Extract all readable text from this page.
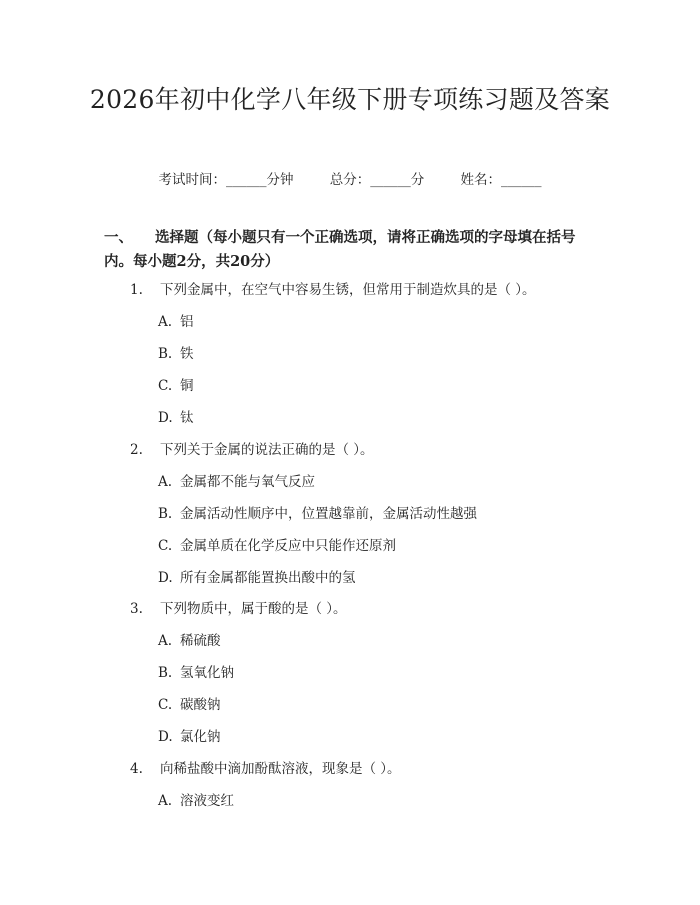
2026年初中化学八年级下册专项练习题及答案
考试时间：______分钟	总分：______分	姓名：______
一、 选择题（每小题只有一个正确选项，请将正确选项的字母填在括号内。每小题2分，共20分）
1. 下列金属中，在空气中容易生锈，但常用于制造炊具的是（ ）。
A. 铝
B. 铁
C. 铜
D. 钛
2. 下列关于金属的说法正确的是（ ）。
A. 金属都不能与氧气反应
B. 金属活动性顺序中，位置越靠前，金属活动性越强
C. 金属单质在化学反应中只能作还原剂
D. 所有金属都能置换出酸中的氢
3. 下列物质中，属于酸的是（ ）。
A. 稀硫酸
B. 氢氧化钠
C. 碳酸钠
D. 氯化钠
4. 向稀盐酸中滴加酚酞溶液，现象是（ ）。
A. 溶液变红
